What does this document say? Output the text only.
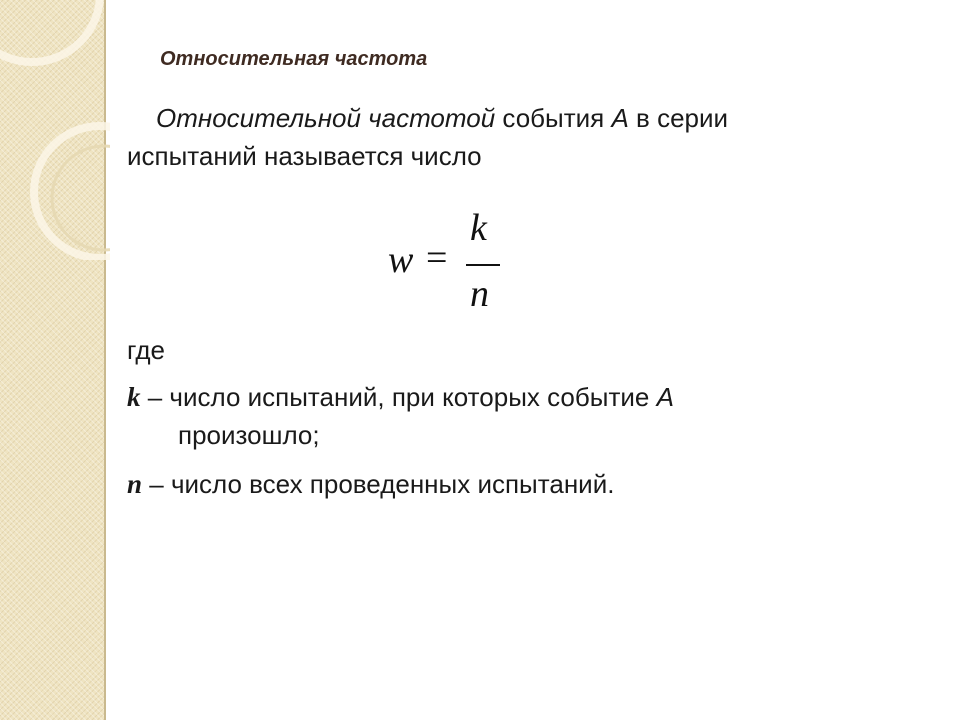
Относительная частота
Относительной частотой события А в серии
испытаний называется число
w =
k
n
где
k – число испытаний, при которых событие А
произошло;
n – число всех проведенных испытаний.
